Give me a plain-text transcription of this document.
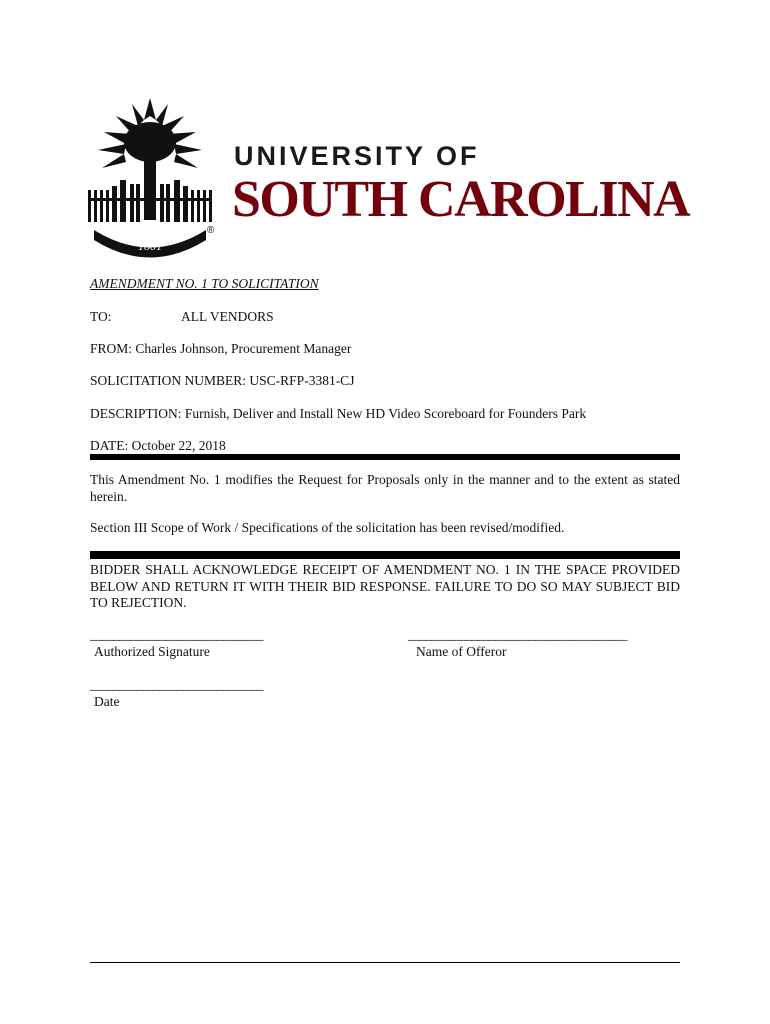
1801
®
UNIVERSITY OF
SOUTH CAROLINA
AMENDMENT NO. 1 TO SOLICITATION
TO:	ALL VENDORS
FROM: Charles Johnson, Procurement Manager
SOLICITATION NUMBER: USC-RFP-3381-CJ
DESCRIPTION: Furnish, Deliver and Install New HD Video Scoreboard for Founders Park
DATE: October 22, 2018
This Amendment No. 1 modifies the Request for Proposals only in the manner and to the extent as stated herein.
Section III Scope of Work / Specifications of the solicitation has been revised/modified.
BIDDER SHALL ACKNOWLEDGE RECEIPT OF AMENDMENT NO. 1 IN THE SPACE PROVIDED BELOW AND RETURN IT WITH THEIR BID RESPONSE. FAILURE TO DO SO MAY SUBJECT BID TO REJECTION.
______________________________
Authorized Signature
______________________________________
Name of Offeror
______________________________
Date
